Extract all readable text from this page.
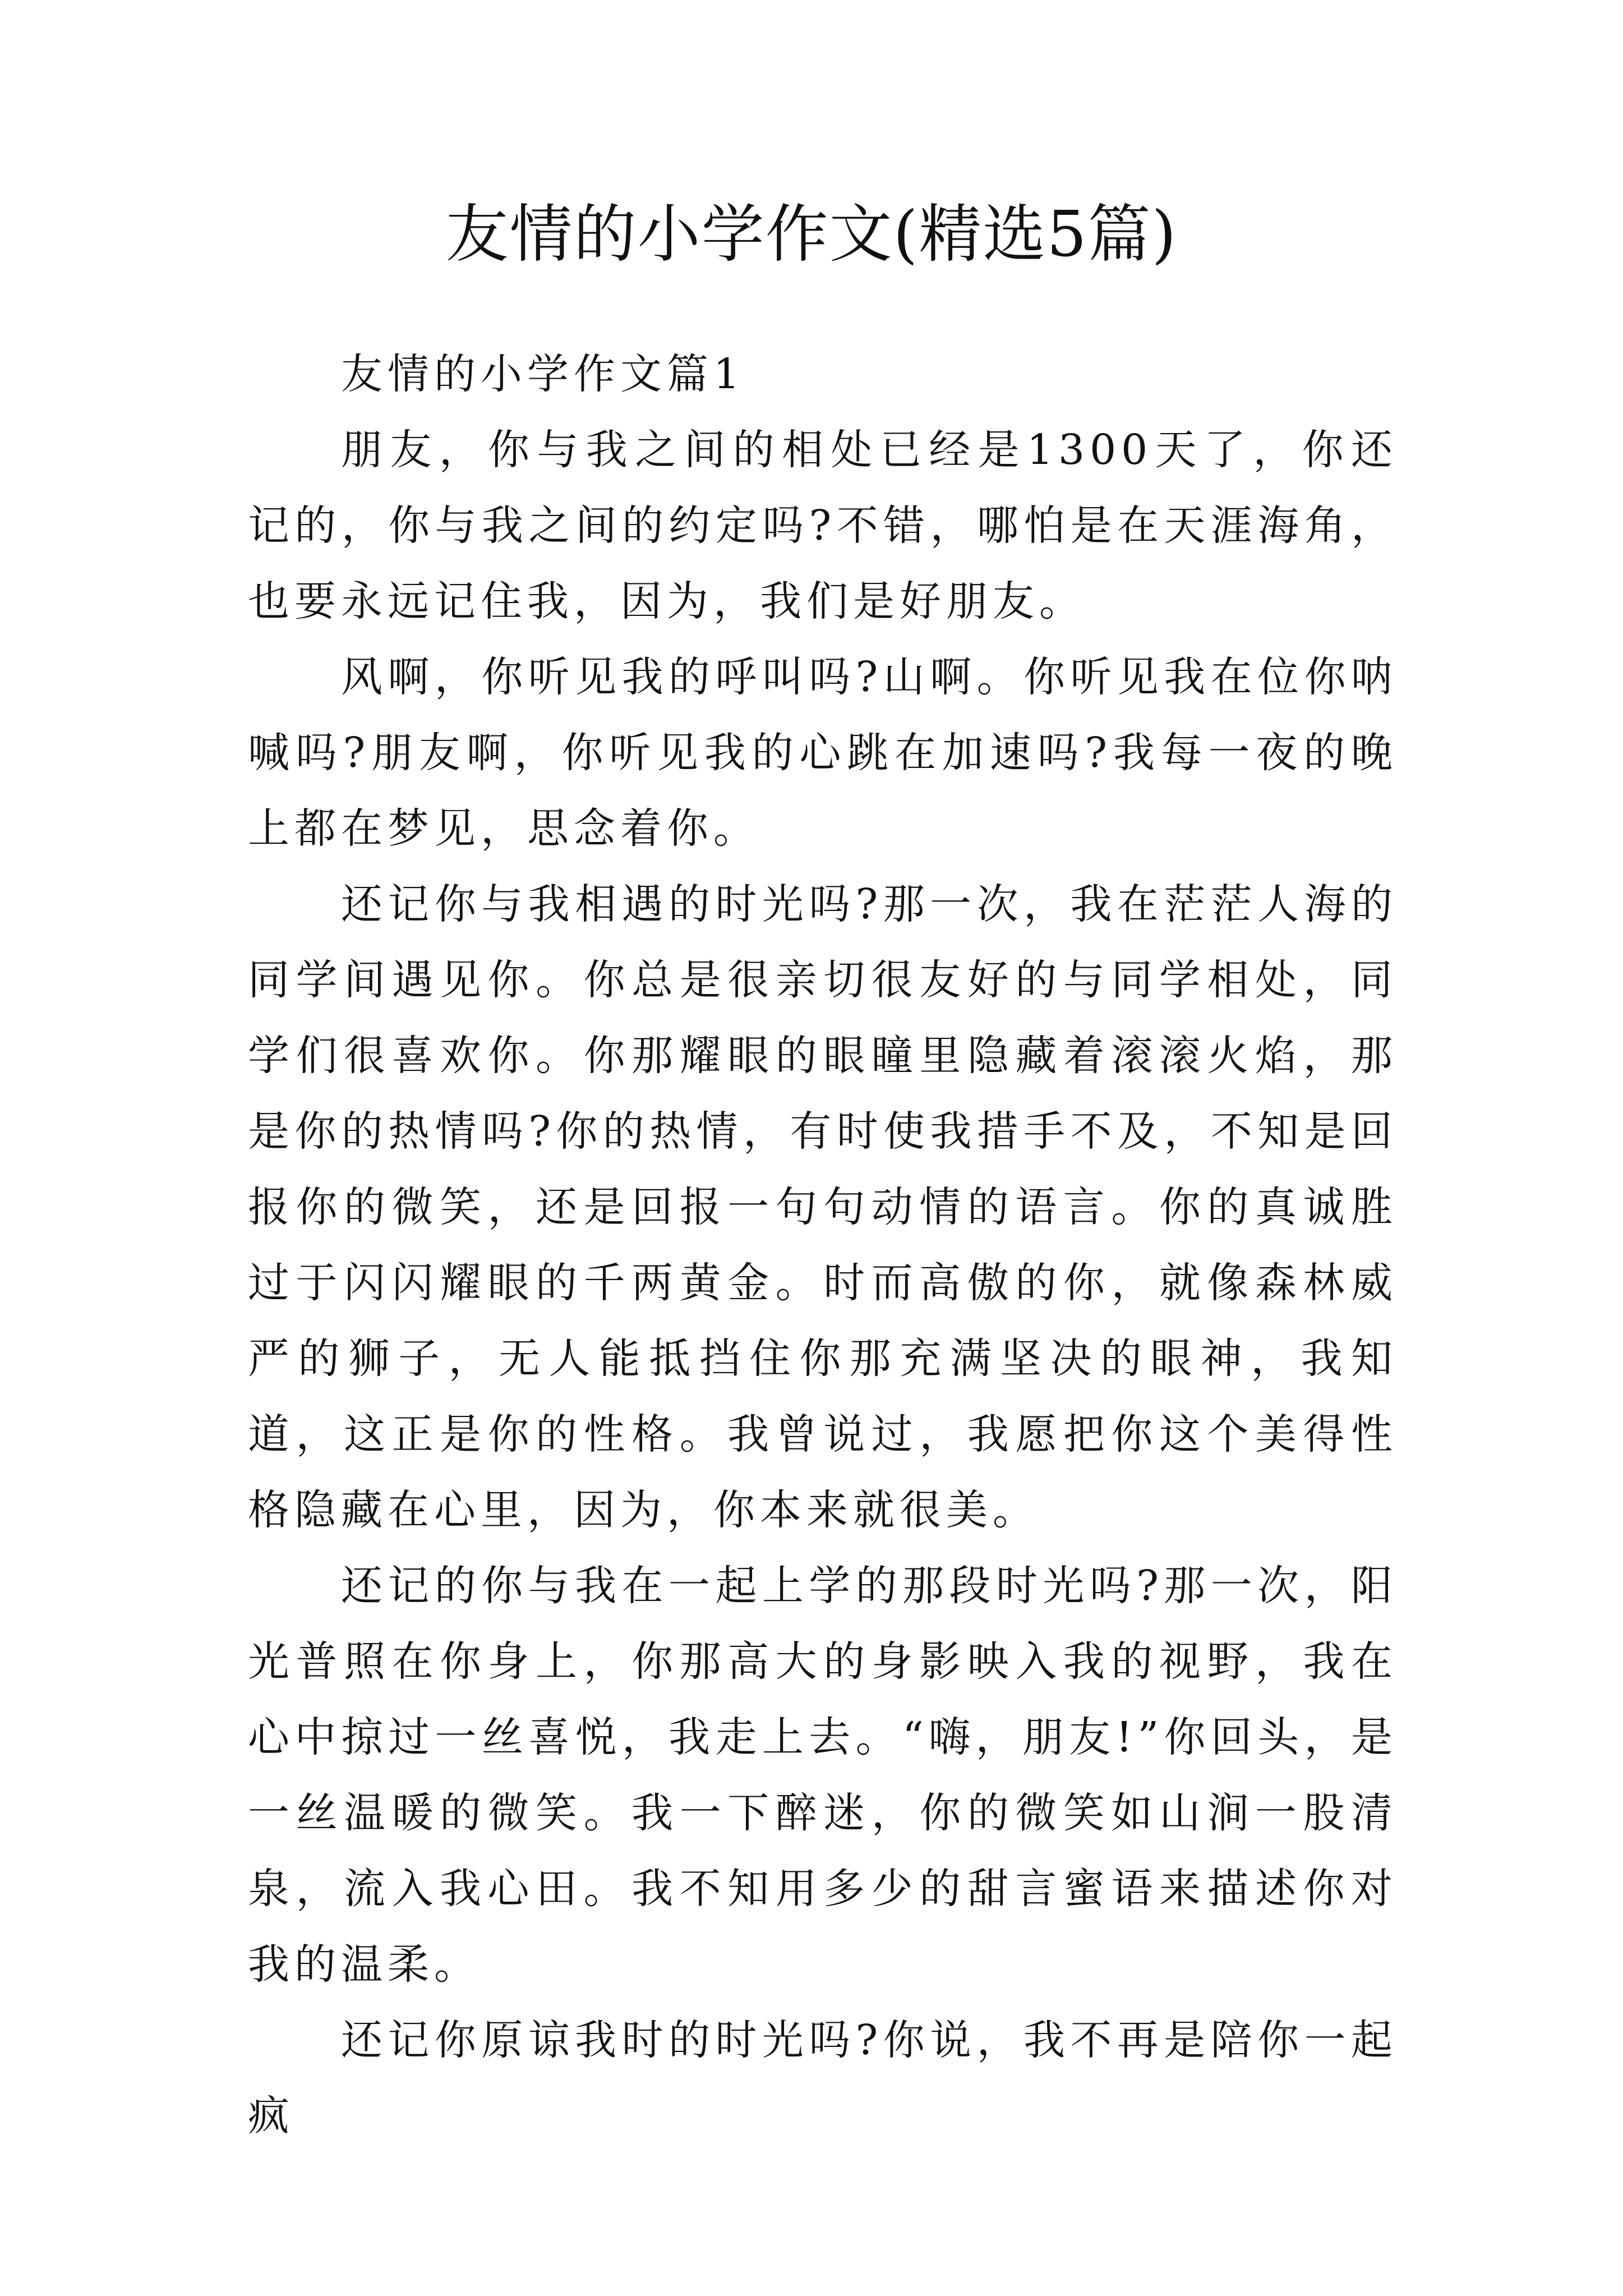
友情的小学作文(精选5篇)

友情的小学作文篇1

朋友，你与我之间的相处已经是1300天了，你还记的，你与我之间的约定吗?不错，哪怕是在天涯海角，也要永远记住我，因为，我们是好朋友。

风啊，你听见我的呼叫吗?山啊。你听见我在位你呐喊吗?朋友啊，你听见我的心跳在加速吗?我每一夜的晚上都在梦见，思念着你。

还记你与我相遇的时光吗?那一次，我在茫茫人海的同学间遇见你。你总是很亲切很友好的与同学相处，同学们很喜欢你。你那耀眼的眼瞳里隐藏着滚滚火焰，那是你的热情吗?你的热情，有时使我措手不及，不知是回报你的微笑，还是回报一句句动情的语言。你的真诚胜过于闪闪耀眼的千两黄金。时而高傲的你，就像森林威严的狮子，无人能抵挡住你那充满坚决的眼神，我知道，这正是你的性格。我曾说过，我愿把你这个美得性格隐藏在心里，因为，你本来就很美。

还记的你与我在一起上学的那段时光吗?那一次，阳光普照在你身上，你那高大的身影映入我的视野，我在心中掠过一丝喜悦，我走上去。“嗨，朋友!”你回头，是一丝温暖的微笑。我一下醉迷，你的微笑如山涧一股清泉，流入我心田。我不知用多少的甜言蜜语来描述你对我的温柔。

还记你原谅我时的时光吗?你说，我不再是陪你一起疯
